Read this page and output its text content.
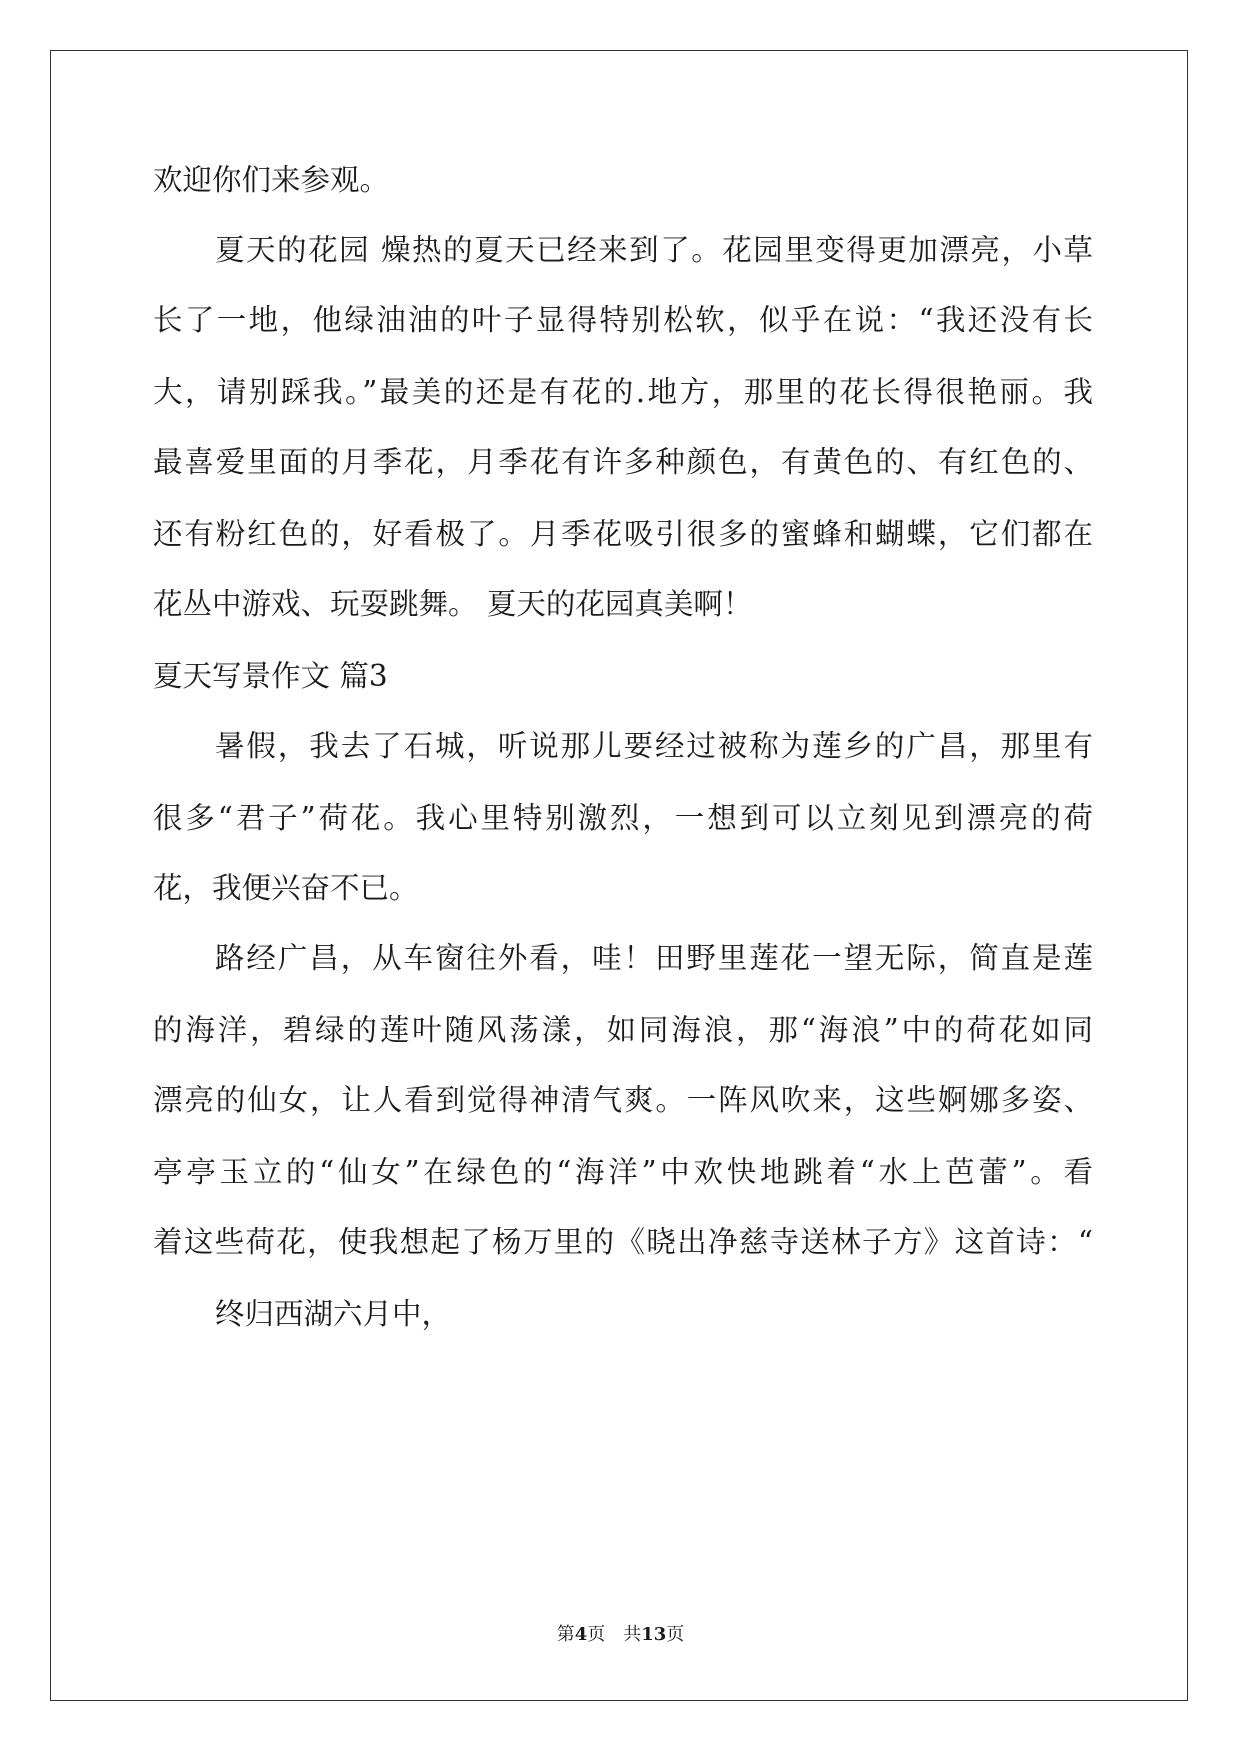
欢迎你们来参观。
夏天的花园 燥热的夏天已经来到了。花园里变得更加漂亮，小草
长了一地，他绿油油的叶子显得特别松软，似乎在说：“我还没有长
大，请别踩我。”最美的还是有花的.地方，那里的花长得很艳丽。我
最喜爱里面的月季花，月季花有许多种颜色，有黄色的、有红色的、
还有粉红色的，好看极了。月季花吸引很多的蜜蜂和蝴蝶，它们都在
花丛中游戏、玩耍跳舞。 夏天的花园真美啊！
夏天写景作文 篇3
暑假，我去了石城，听说那儿要经过被称为莲乡的广昌，那里有
很多“君子”荷花。我心里特别激烈，一想到可以立刻见到漂亮的荷
花，我便兴奋不已。
路经广昌，从车窗往外看，哇！田野里莲花一望无际，简直是莲
的海洋，碧绿的莲叶随风荡漾，如同海浪，那“海浪”中的荷花如同
漂亮的仙女，让人看到觉得神清气爽。一阵风吹来，这些婀娜多姿、
亭亭玉立的“仙女”在绿色的“海洋”中欢快地跳着“水上芭蕾”。看
着这些荷花，使我想起了杨万里的《晓出净慈寺送林子方》这首诗：“
终归西湖六月中，
第4页　共13页
